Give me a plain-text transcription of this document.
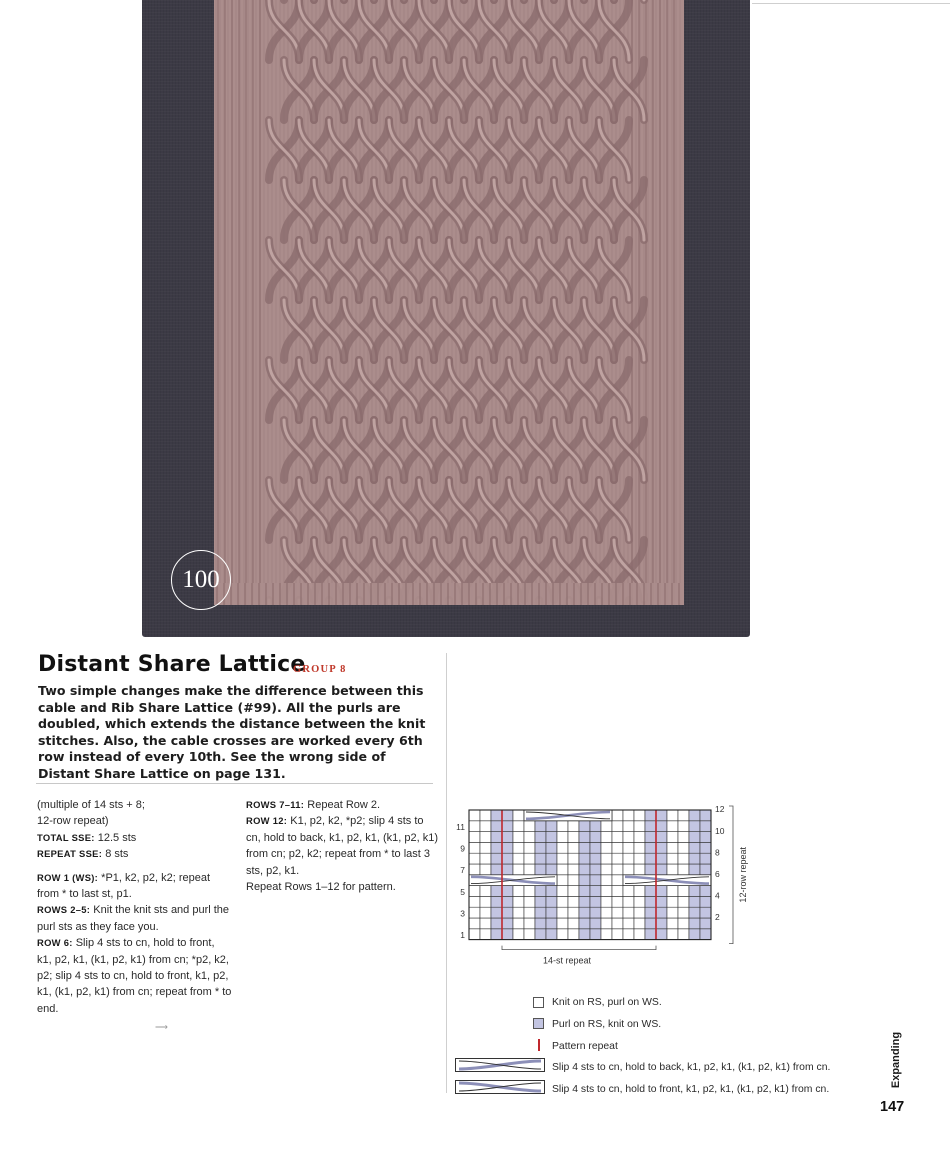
100
Distant Share Lattice
GROUP 8
Two simple changes make the difference between this cable and Rib Share Lattice (#99). All the purls are doubled, which extends the distance between the knit stitches. Also, the cable crosses are worked every 6th row instead of every 10th. See the wrong side of Distant Share Lattice on page 131.
(multiple of 14 sts + 8;
12-row repeat)
TOTAL SSE: 12.5 sts
REPEAT SSE: 8 sts
ROW 1 (WS): *P1, k2, p2, k2; repeat from * to last st, p1.
ROWS 2–5: Knit the knit sts and purl the purl sts as they face you.
ROW 6: Slip 4 sts to cn, hold to front, k1, p2, k1, (k1, p2, k1) from cn; *p2, k2, p2; slip 4 sts to cn, hold to front, k1, p2, k1, (k1, p2, k1) from cn; repeat from * to end.
ROWS 7–11: Repeat Row 2.
ROW 12: K1, p2, k2, *p2; slip 4 sts to cn, hold to back, k1, p2, k1, (k1, p2, k1) from cn; p2, k2; repeat from * to last 3 sts, p2, k1.
Repeat Rows 1–12 for pattern.
⟶
11
9
7
5
3
1
12
10
8
6
4
2
12-row repeat
14-st repeat
Knit on RS, purl on WS.
Purl on RS, knit on WS.
Pattern repeat
Slip 4 sts to cn, hold to back, k1, p2, k1, (k1, p2, k1) from cn.
Slip 4 sts to cn, hold to front, k1, p2, k1, (k1, p2, k1) from cn.
Expanding
147
